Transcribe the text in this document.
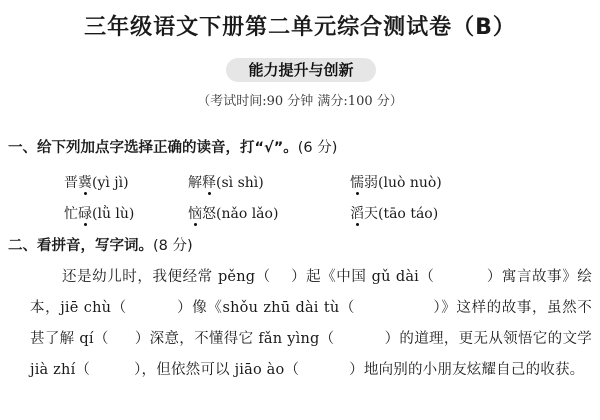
三年级语文下册第二单元综合测试卷（B）
能力提升与创新
（考试时间:90 分钟 满分:100 分）
一、给下列加点字选择正确的读音，打“√”。(6 分)
晋冀(yì jì)	解释(sì shì)	懦弱(luò nuò)
忙碌(lǜ lù)	恼怒(nǎo lǎo)	滔天(tāo táo)
二、看拼音，写字词。(8 分)
还是幼儿时，我便经常 pěng（ ）起《中国 gǔ dài（	）寓言故事》绘本，jiē chù（	）像《shǒu zhū dài tù（	）》这样的故事，虽然不甚了解 qí（ ）深意，不懂得它 fǎn yìng（	）的道理，更无从领悟它的文学 jià zhí（	），但依然可以 jiāo ào（	）地向别的小朋友炫耀自己的收获。
